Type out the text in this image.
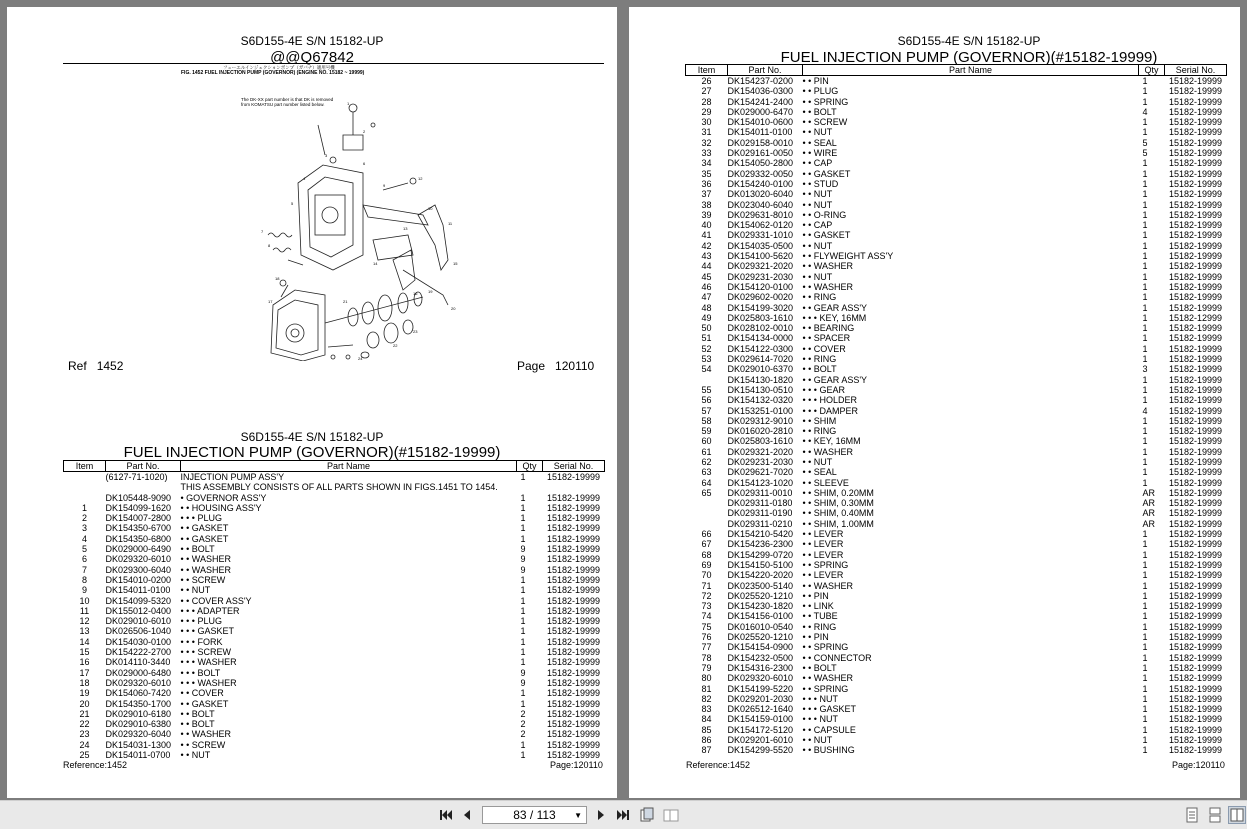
S6D155-4E S/N 15182-UP
@@Q67842
フューエルインジェクションポンプ（ガバナ）適用号機
FIG. 1452 FUEL INJECTION PUMP (GOVERNOR) (ENGINE NO. 15182 ~ 19999)
The DK-XX part number is that DK is removed from KOMATSU part number listed below.	1
2
3
4
5
6
7
8
9
10
11
12
13
14	15
16
17
18
19
20
21
22
23
24
Ref 1452	Page 120110
S6D155-4E S/N 15182-UP
FUEL INJECTION PUMP (GOVERNOR)(#15182-19999)
Item	Part No.	Part Name	Qty	Serial No.
	(6127-71-1020)	INJECTION PUMP ASS'Y	1	15182-19999
		THIS ASSEMBLY CONSISTS OF ALL PARTS SHOWN IN FIGS.1451 TO 1454.		
	DK105448-9090	• GOVERNOR ASS'Y	1	15182-19999
1	DK154099-1620	• • HOUSING ASS'Y	1	15182-19999
2	DK154007-2800	• • • PLUG	1	15182-19999
3	DK154350-6700	• • GASKET	1	15182-19999
4	DK154350-6800	• • GASKET	1	15182-19999
5	DK029000-6490	• • BOLT	9	15182-19999
6	DK029320-6010	• • WASHER	9	15182-19999
7	DK029300-6040	• • WASHER	9	15182-19999
8	DK154010-0200	• • SCREW	1	15182-19999
9	DK154011-0100	• • NUT	1	15182-19999
10	DK154099-5320	• • COVER ASS'Y	1	15182-19999
11	DK155012-0400	• • • ADAPTER	1	15182-19999
12	DK029010-6010	• • • PLUG	1	15182-19999
13	DK026506-1040	• • • GASKET	1	15182-19999
14	DK154030-0100	• • • FORK	1	15182-19999
15	DK154222-2700	• • • SCREW	1	15182-19999
16	DK014110-3440	• • • WASHER	1	15182-19999
17	DK029000-6480	• • • BOLT	9	15182-19999
18	DK029320-6010	• • • WASHER	9	15182-19999
19	DK154060-7420	• • COVER	1	15182-19999
20	DK154350-1700	• • GASKET	1	15182-19999
21	DK029010-6180	• • BOLT	2	15182-19999
22	DK029010-6380	• • BOLT	2	15182-19999
23	DK029320-6040	• • WASHER	2	15182-19999
24	DK154031-1300	• • SCREW	1	15182-19999
25	DK154011-0700	• • NUT	1	15182-19999
Reference:1452	Page:120110
S6D155-4E S/N 15182-UP
FUEL INJECTION PUMP (GOVERNOR)(#15182-19999)
Item	Part No.	Part Name	Qty	Serial No.
26	DK154237-0200	• • PIN	1	15182-19999
27	DK154036-0300	• • PLUG	1	15182-19999
28	DK154241-2400	• • SPRING	1	15182-19999
29	DK029000-6470	• • BOLT	4	15182-19999
30	DK154010-0600	• • SCREW	1	15182-19999
31	DK154011-0100	• • NUT	1	15182-19999
32	DK029158-0010	• • SEAL	5	15182-19999
33	DK029161-0050	• • WIRE	5	15182-19999
34	DK154050-2800	• • CAP	1	15182-19999
35	DK029332-0050	• • GASKET	1	15182-19999
36	DK154240-0100	• • STUD	1	15182-19999
37	DK013020-6040	• • NUT	1	15182-19999
38	DK023040-6040	• • NUT	1	15182-19999
39	DK029631-8010	• • O-RING	1	15182-19999
40	DK154062-0120	• • CAP	1	15182-19999
41	DK029331-1010	• • GASKET	1	15182-19999
42	DK154035-0500	• • NUT	1	15182-19999
43	DK154100-5620	• • FLYWEIGHT ASS'Y	1	15182-19999
44	DK029321-2020	• • WASHER	1	15182-19999
45	DK029231-2030	• • NUT	1	15182-19999
46	DK154120-0100	• • WASHER	1	15182-19999
47	DK029602-0020	• • RING	1	15182-19999
48	DK154199-3020	• • GEAR ASS'Y	1	15182-19999
49	DK025803-1610	• • • KEY, 16MM	1	15182-12999
50	DK028102-0010	• • BEARING	1	15182-19999
51	DK154134-0000	• • SPACER	1	15182-19999
52	DK154122-0300	• • COVER	1	15182-19999
53	DK029614-7020	• • RING	1	15182-19999
54	DK029010-6370	• • BOLT	3	15182-19999
	DK154130-1820	• • GEAR ASS'Y	1	15182-19999
55	DK154130-0510	• • • GEAR	1	15182-19999
56	DK154132-0320	• • • HOLDER	1	15182-19999
57	DK153251-0100	• • • DAMPER	4	15182-19999
58	DK029312-9010	• • SHIM	1	15182-19999
59	DK016020-2810	• • RING	1	15182-19999
60	DK025803-1610	• • KEY, 16MM	1	15182-19999
61	DK029321-2020	• • WASHER	1	15182-19999
62	DK029231-2030	• • NUT	1	15182-19999
63	DK029621-7020	• • SEAL	1	15182-19999
64	DK154123-1020	• • SLEEVE	1	15182-19999
65	DK029311-0010	• • SHIM, 0.20MM	AR	15182-19999
	DK029311-0180	• • SHIM, 0.30MM	AR	15182-19999
	DK029311-0190	• • SHIM, 0.40MM	AR	15182-19999
	DK029311-0210	• • SHIM, 1.00MM	AR	15182-19999
66	DK154210-5420	• • LEVER	1	15182-19999
67	DK154236-2300	• • LEVER	1	15182-19999
68	DK154299-0720	• • LEVER	1	15182-19999
69	DK154150-5100	• • SPRING	1	15182-19999
70	DK154220-2020	• • LEVER	1	15182-19999
71	DK023500-5140	• • WASHER	1	15182-19999
72	DK025520-1210	• • PIN	1	15182-19999
73	DK154230-1820	• • LINK	1	15182-19999
74	DK154156-0100	• • TUBE	1	15182-19999
75	DK016010-0540	• • RING	1	15182-19999
76	DK025520-1210	• • PIN	1	15182-19999
77	DK154154-0900	• • SPRING	1	15182-19999
78	DK154232-0500	• • CONNECTOR	1	15182-19999
79	DK154316-2300	• • BOLT	1	15182-19999
80	DK029320-6010	• • WASHER	1	15182-19999
81	DK154199-5220	• • SPRING	1	15182-19999
82	DK029201-2030	• • • NUT	1	15182-19999
83	DK026512-1640	• • • GASKET	1	15182-19999
84	DK154159-0100	• • • NUT	1	15182-19999
85	DK154172-5120	• • CAPSULE	1	15182-19999
86	DK029201-6010	• • NUT	1	15182-19999
87	DK154299-5520	• • BUSHING	1	15182-19999
Reference:1452	Page:120110
83 / 113 ▼
